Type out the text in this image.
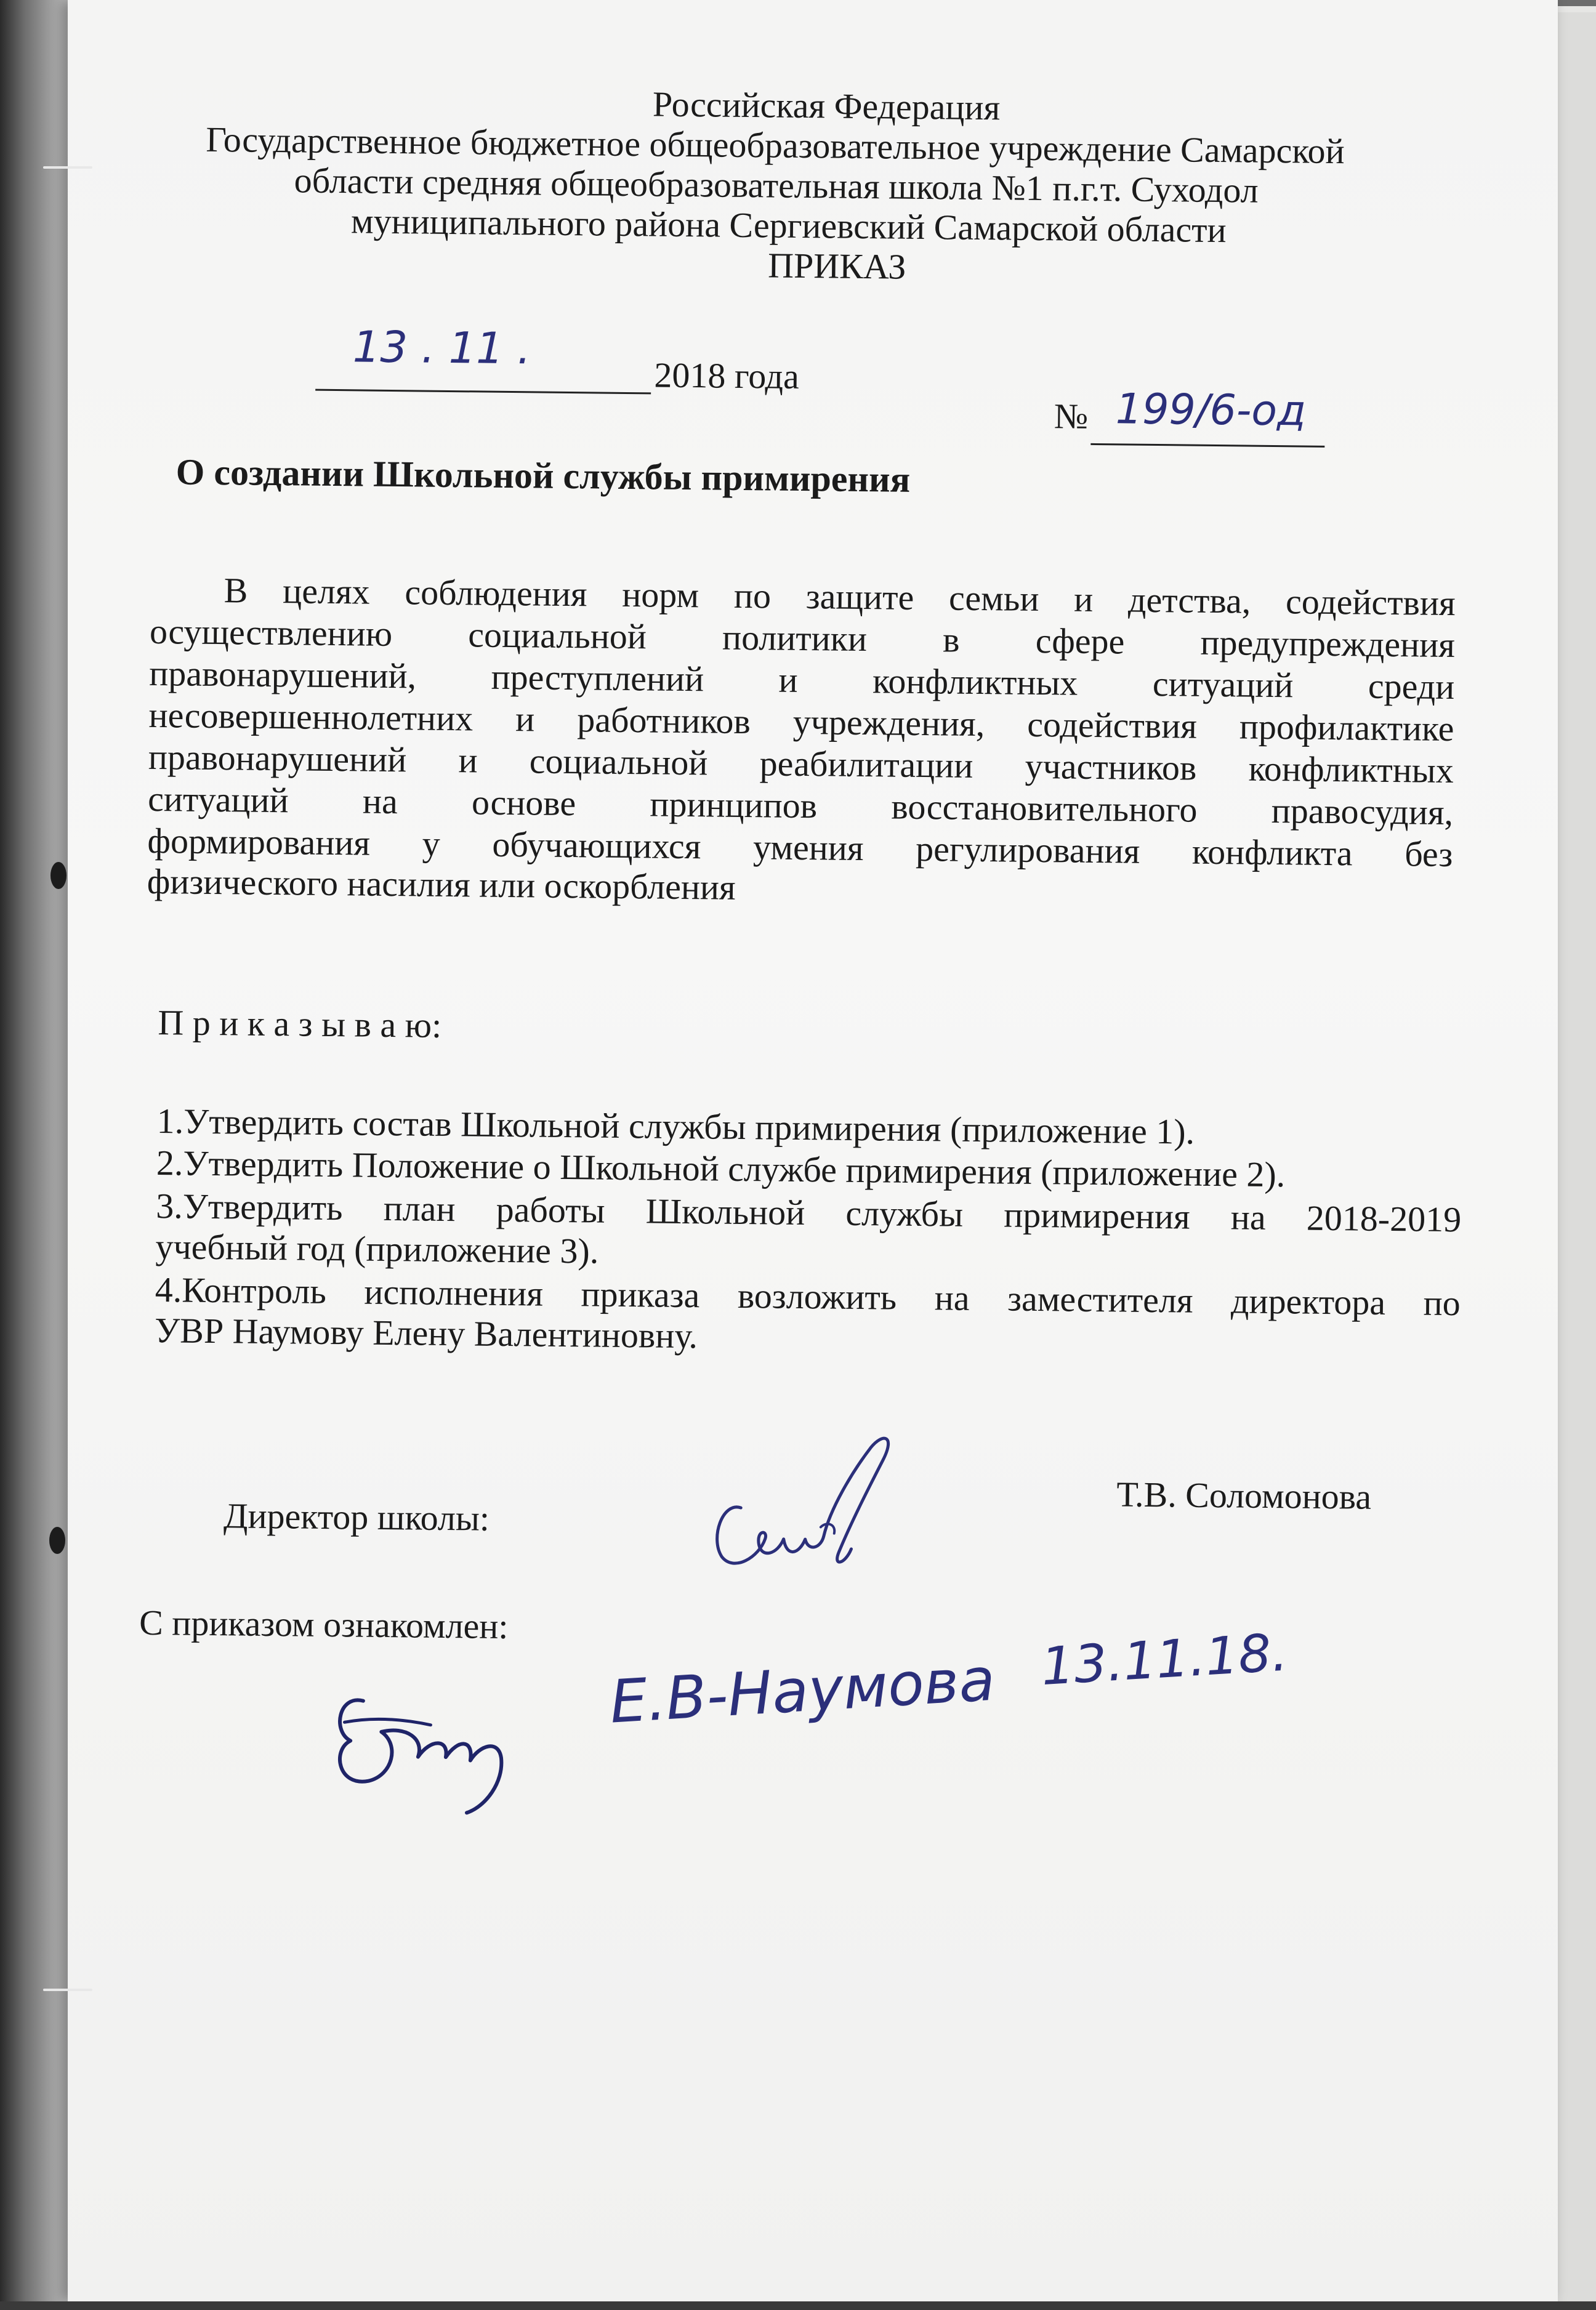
Российская Федерация
Государственное бюджетное общеобразовательное учреждение Самарской
области средняя общеобразовательная школа №1 п.г.т. Суходол
муниципального района Сергиевский Самарской области
ПРИКАЗ
13 . 11 .
2018 года
№ 199/6-од
О создании Школьной службы примирения
В целях соблюдения норм по защите семьи и детства, содействия
осуществлению социальной политики в сфере предупреждения
правонарушений, преступлений и конфликтных ситуаций среди
несовершеннолетних и работников учреждения, содействия профилактике
правонарушений и социальной реабилитации участников конфликтных
ситуаций на основе принципов восстановительного правосудия,
формирования у обучающихся умения регулирования конфликта без
физического насилия или оскорбления
П р и к а з ы в а ю:
1.Утвердить состав Школьной службы примирения (приложение 1).
2.Утвердить Положение о Школьной службе примирения (приложение 2).
3.Утвердить план работы Школьной службы примирения на 2018-2019
учебный год (приложение 3).
4.Контроль исполнения приказа возложить на заместителя директора по
УВР Наумову Елену Валентиновну.
Директор школы:
Т.В. Соломонова
С приказом ознакомлен:
Е.В-Наумова 13.11.18.
